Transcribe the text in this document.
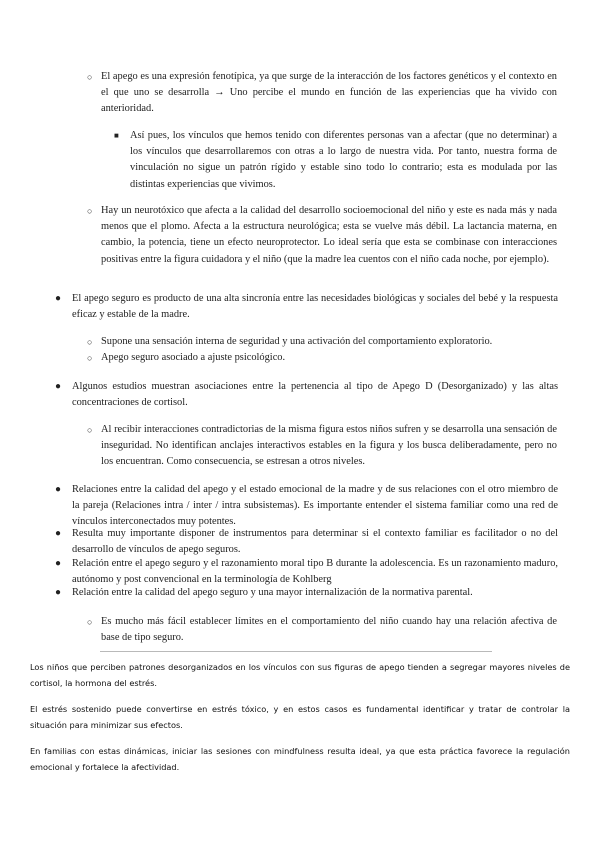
○ El apego es una expresión fenotípica, ya que surge de la interacción de los factores genéticos y el contexto en el que uno se desarrolla → Uno percibe el mundo en función de las experiencias que ha vivido con anterioridad.
■ Así pues, los vínculos que hemos tenido con diferentes personas van a afectar (que no determinar) a los vínculos que desarrollaremos con otras a lo largo de nuestra vida. Por tanto, nuestra forma de vinculación no sigue un patrón rígido y estable sino todo lo contrario; esta es modulada por las distintas experiencias que vivimos.
○ Hay un neurotóxico que afecta a la calidad del desarrollo socioemocional del niño y este es nada más y nada menos que el plomo. Afecta a la estructura neurológica; esta se vuelve más débil. La lactancia materna, en cambio, la potencia, tiene un efecto neuroprotector. Lo ideal sería que esta se combinase con interacciones positivas entre la figura cuidadora y el niño (que la madre lea cuentos con el niño cada noche, por ejemplo).
● El apego seguro es producto de una alta sincronía entre las necesidades biológicas y sociales del bebé y la respuesta eficaz y estable de la madre.
○ Supone una sensación interna de seguridad y una activación del comportamiento exploratorio.
○ Apego seguro asociado a ajuste psicológico.
● Algunos estudios muestran asociaciones entre la pertenencia al tipo de Apego D (Desorganizado) y las altas concentraciones de cortisol.
○ Al recibir interacciones contradictorias de la misma figura estos niños sufren y se desarrolla una sensación de inseguridad. No identifican anclajes interactivos estables en la figura y los busca deliberadamente, pero no los encuentran. Como consecuencia, se estresan a otros niveles.
● Relaciones entre la calidad del apego y el estado emocional de la madre y de sus relaciones con el otro miembro de la pareja (Relaciones intra / inter / intra subsistemas). Es importante entender el sistema familiar como una red de vínculos interconectados muy potentes.
● Resulta muy importante disponer de instrumentos para determinar si el contexto familiar es facilitador o no del desarrollo de vínculos de apego seguros.
● Relación entre el apego seguro y el razonamiento moral tipo B durante la adolescencia. Es un razonamiento maduro, autónomo y post convencional en la terminología de Kohlberg
● Relación entre la calidad del apego seguro y una mayor internalización de la normativa parental.
○ Es mucho más fácil establecer límites en el comportamiento del niño cuando hay una relación afectiva de base de tipo seguro.
Los niños que perciben patrones desorganizados en los vínculos con sus figuras de apego tienden a segregar mayores niveles de cortisol, la hormona del estrés.
El estrés sostenido puede convertirse en estrés tóxico, y en estos casos es fundamental identificar y tratar de controlar la situación para minimizar sus efectos.
En familias con estas dinámicas, iniciar las sesiones con mindfulness resulta ideal, ya que esta práctica favorece la regulación emocional y fortalece la afectividad.
